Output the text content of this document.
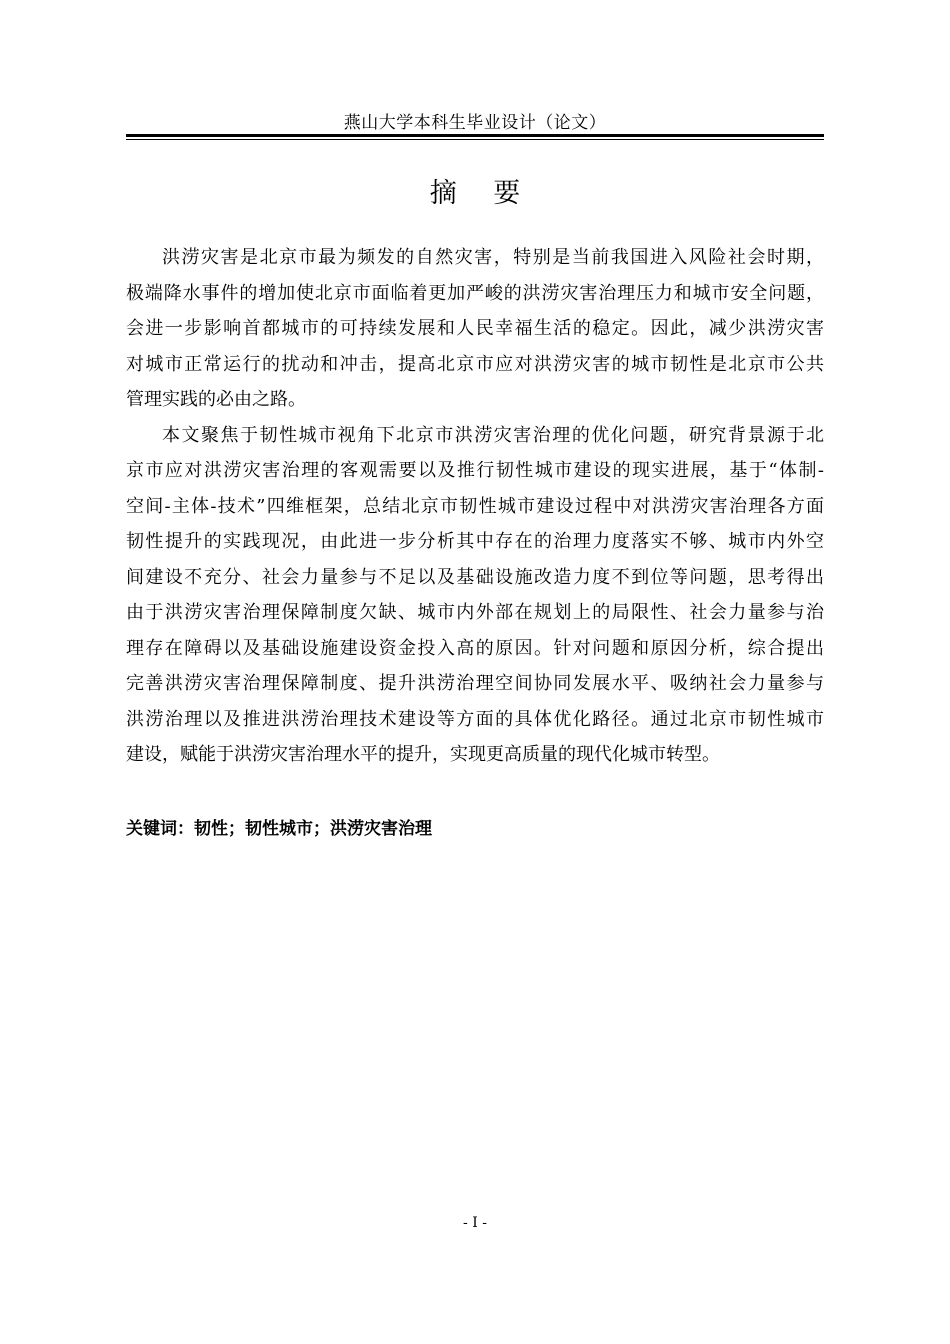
燕山大学本科生毕业设计（论文）
摘 要
洪涝灾害是北京市最为频发的自然灾害，特别是当前我国进入风险社会时期，
极端降水事件的增加使北京市面临着更加严峻的洪涝灾害治理压力和城市安全问题，
会进一步影响首都城市的可持续发展和人民幸福生活的稳定。因此，减少洪涝灾害
对城市正常运行的扰动和冲击，提高北京市应对洪涝灾害的城市韧性是北京市公共
管理实践的必由之路。
本文聚焦于韧性城市视角下北京市洪涝灾害治理的优化问题，研究背景源于北
京市应对洪涝灾害治理的客观需要以及推行韧性城市建设的现实进展，基于“体制-
空间-主体-技术”四维框架，总结北京市韧性城市建设过程中对洪涝灾害治理各方面
韧性提升的实践现况，由此进一步分析其中存在的治理力度落实不够、城市内外空
间建设不充分、社会力量参与不足以及基础设施改造力度不到位等问题，思考得出
由于洪涝灾害治理保障制度欠缺、城市内外部在规划上的局限性、社会力量参与治
理存在障碍以及基础设施建设资金投入高的原因。针对问题和原因分析，综合提出
完善洪涝灾害治理保障制度、提升洪涝治理空间协同发展水平、吸纳社会力量参与
洪涝治理以及推进洪涝治理技术建设等方面的具体优化路径。通过北京市韧性城市
建设，赋能于洪涝灾害治理水平的提升，实现更高质量的现代化城市转型。
关键词：韧性；韧性城市；洪涝灾害治理
- I -
